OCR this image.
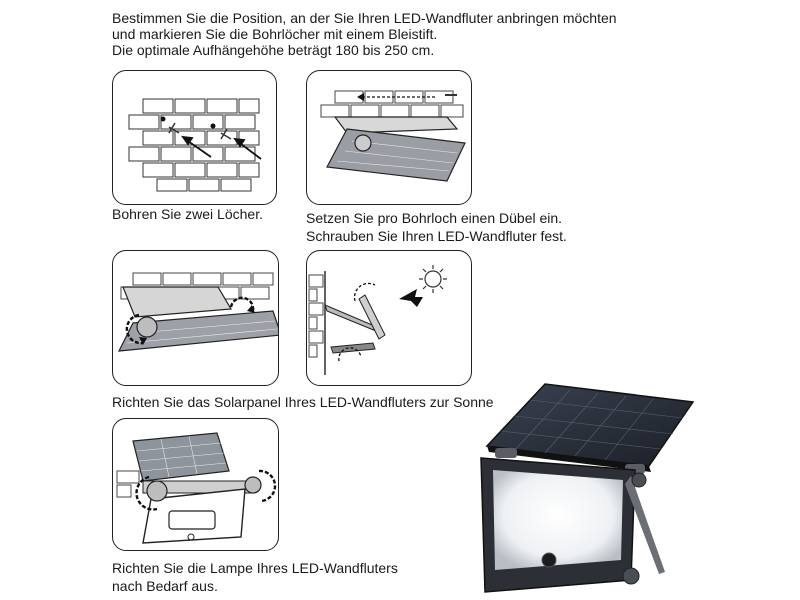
Bestimmen Sie die Position, an der Sie Ihren LED-Wandfluter anbringen möchten
und markieren Sie die Bohrlöcher mit einem Bleistift.
Die optimale Aufhängehöhe beträgt 180 bis 250 cm.
Bohren Sie zwei Löcher.	Setzen Sie pro Bohrloch einen Dübel ein.
Schrauben Sie Ihren LED-Wandfluter fest.
Richten Sie das Solarpanel Ihres LED-Wandfluters zur Sonne
Richten Sie die Lampe Ihres LED-Wandfluters
nach Bedarf aus.
